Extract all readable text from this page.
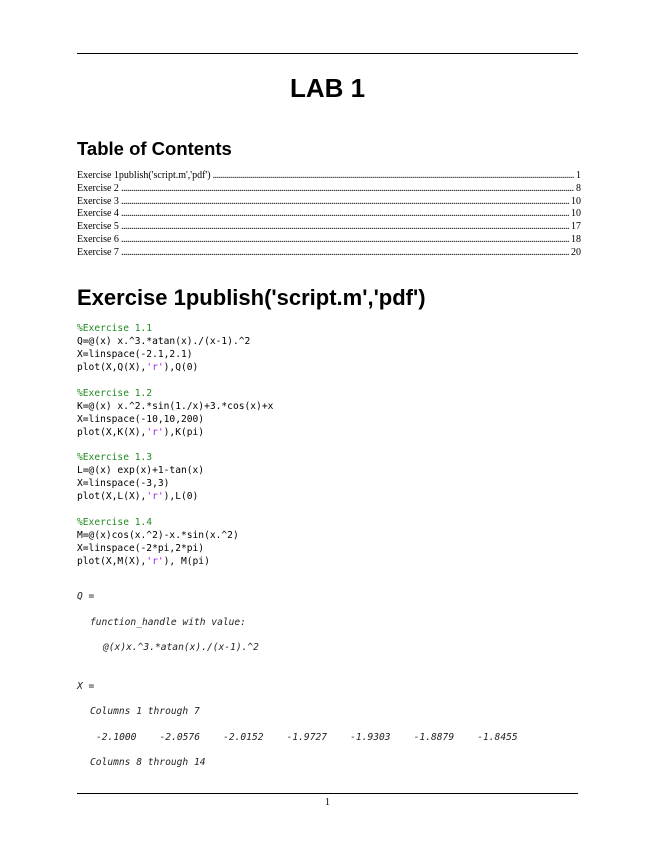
LAB 1
Table of Contents
Exercise 1publish('script.m','pdf') . . .	1
Exercise 2 . . .	8
Exercise 3 . . .	10
Exercise 4 . . .	10
Exercise 5 . . .	17
Exercise 6 . . .	18
Exercise 7 . . .	20
Exercise 1publish('script.m','pdf')
%Exercise 1.1
Q=@(x) x.^3.*atan(x)./(x-1).^2
X=linspace(-2.1,2.1)
plot(X,Q(X),'r'),Q(0)
%Exercise 1.2
K=@(x) x.^2.*sin(1./x)+3.*cos(x)+x
X=linspace(-10,10,200)
plot(X,K(X),'r'),K(pi)
%Exercise 1.3
L=@(x) exp(x)+1-tan(x)
X=linspace(-3,3)
plot(X,L(X),'r'),L(0)
%Exercise 1.4
M=@(x)cos(x.^2)-x.*sin(x.^2)
X=linspace(-2*pi,2*pi)
plot(X,M(X),'r'), M(pi)
Q =
function_handle with value:
@(x)x.^3.*atan(x)./(x-1).^2
X =
Columns 1 through 7
-2.1000    -2.0576    -2.0152    -1.9727    -1.9303    -1.8879    -1.8455
Columns 8 through 14
1
